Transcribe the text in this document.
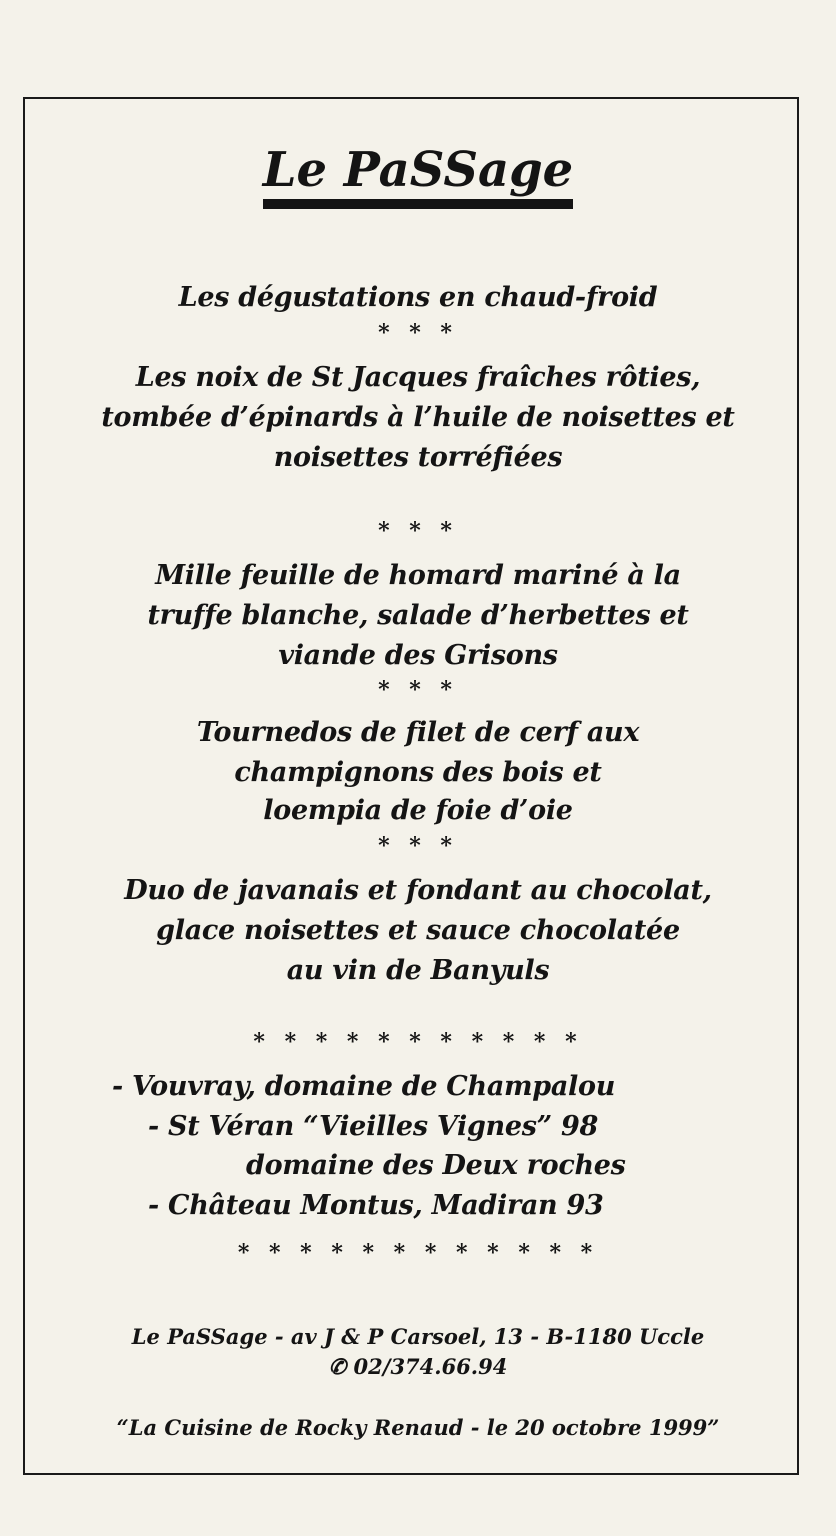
Le PaSSage
Les dégustations en chaud-froid
* * *
Les noix de St Jacques fraîches rôties,
tombée d’épinards à l’huile de noisettes et
noisettes torréfiées
* * *
Mille feuille de homard mariné à la
truffe blanche, salade d’herbettes et
viande des Grisons
* * *
Tournedos de filet de cerf aux
champignons des bois et
loempia de foie d’oie
* * *
Duo de javanais et fondant au chocolat,
glace noisettes et sauce chocolatée
au vin de Banyuls
* * * * * * * * * * *
- Vouvray, domaine de Champalou
- St Véran “Vieilles Vignes” 98
domaine des Deux roches
- Château Montus, Madiran 93
* * * * * * * * * * * *
Le PaSSage - av J & P Carsoel, 13 - B-1180 Uccle
✆ 02/374.66.94
“La Cuisine de Rocky Renaud - le 20 octobre 1999”
